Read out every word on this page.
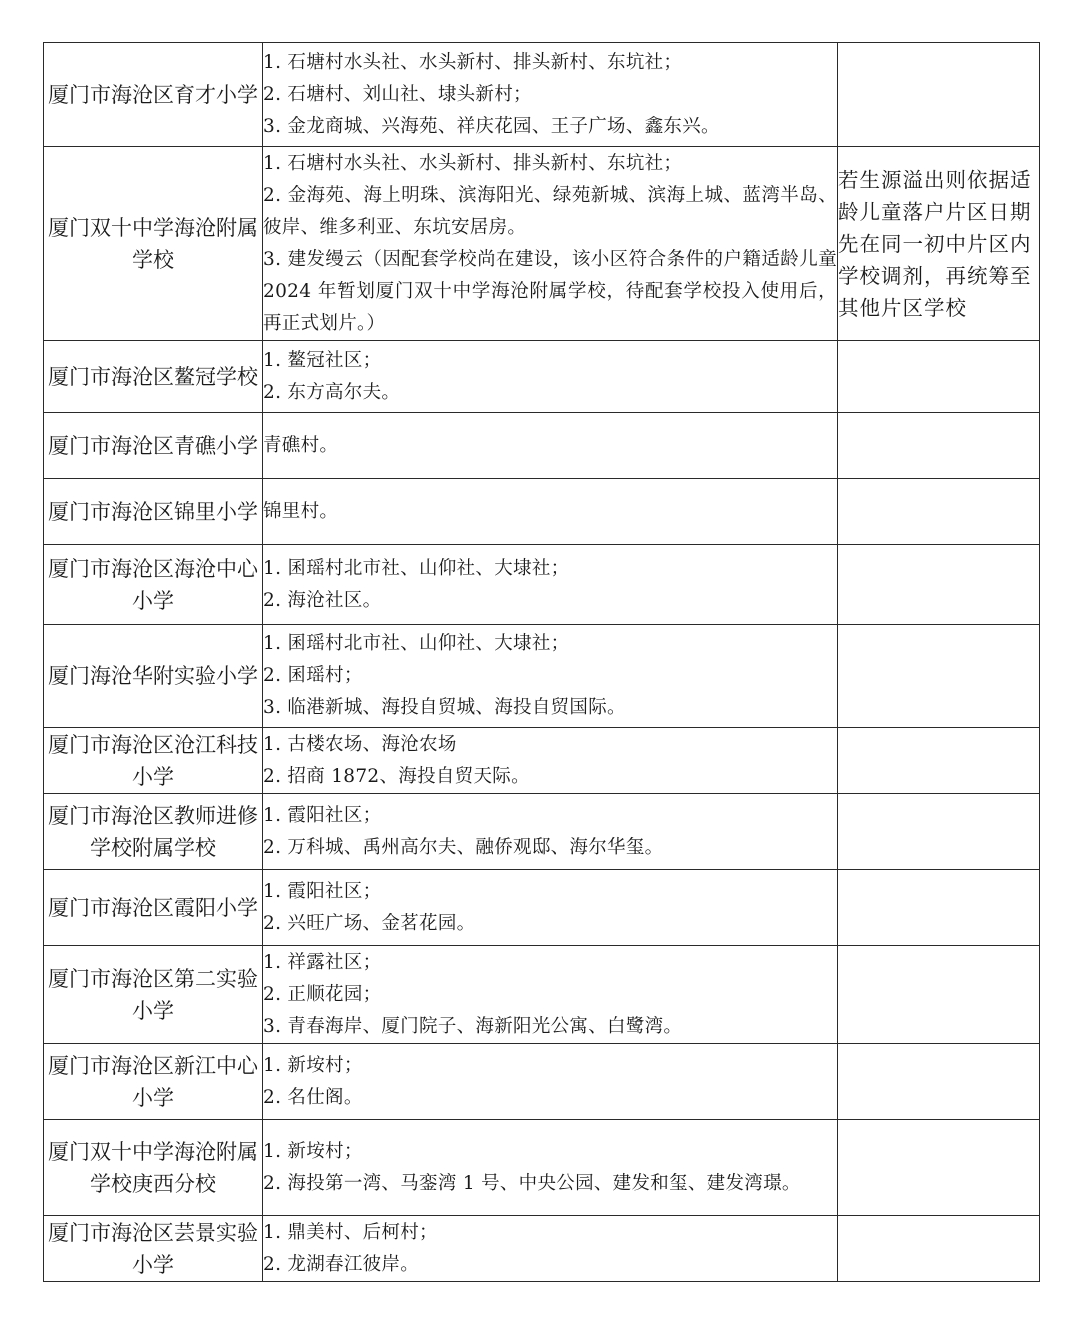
厦门市海沧区育才小学	1. 石塘村水头社、水头新村、排头新村、东坑社；
2. 石塘村、刘山社、埭头新村；
3. 金龙商城、兴海苑、祥庆花园、王子广场、鑫东兴。	

厦门双十中学海沧附属学校	1. 石塘村水头社、水头新村、排头新村、东坑社；
2. 金海苑、海上明珠、滨海阳光、绿苑新城、滨海上城、蓝湾半岛、彼岸、维多利亚、东坑安居房。
3. 建发缦云（因配套学校尚在建设，该小区符合条件的户籍适龄儿童 2024 年暂划厦门双十中学海沧附属学校，待配套学校投入使用后，再正式划片。）	若生源溢出则依据适龄儿童落户片区日期先在同一初中片区内学校调剂，再统筹至其他片区学校
厦门市海沧区鳌冠学校	1. 鳌冠社区；
2. 东方高尔夫。	

厦门市海沧区青礁小学	青礁村。	

厦门市海沧区锦里小学	锦里村。	

厦门市海沧区海沧中心小学	1. 囷瑶村北市社、山仰社、大埭社；
2. 海沧社区。	

厦门海沧华附实验小学	1. 囷瑶村北市社、山仰社、大埭社；
2. 囷瑶村；
3. 临港新城、海投自贸城、海投自贸国际。	

厦门市海沧区沧江科技小学	1. 古楼农场、海沧农场
2. 招商 1872、海投自贸天际。	

厦门市海沧区教师进修学校附属学校	1. 霞阳社区；
2. 万科城、禹州高尔夫、融侨观邸、海尔华玺。	

厦门市海沧区霞阳小学	1. 霞阳社区；
2. 兴旺广场、金茗花园。	

厦门市海沧区第二实验小学	1. 祥露社区；
2. 正顺花园；
3. 青春海岸、厦门院子、海新阳光公寓、白鹭湾。	

厦门市海沧区新江中心小学	1. 新垵村；
2. 名仕阁。	

厦门双十中学海沧附属学校庚西分校	1. 新垵村；
2. 海投第一湾、马銮湾 1 号、中央公园、建发和玺、建发湾璟。	

厦门市海沧区芸景实验小学	1. 鼎美村、后柯村；
2. 龙湖春江彼岸。	
